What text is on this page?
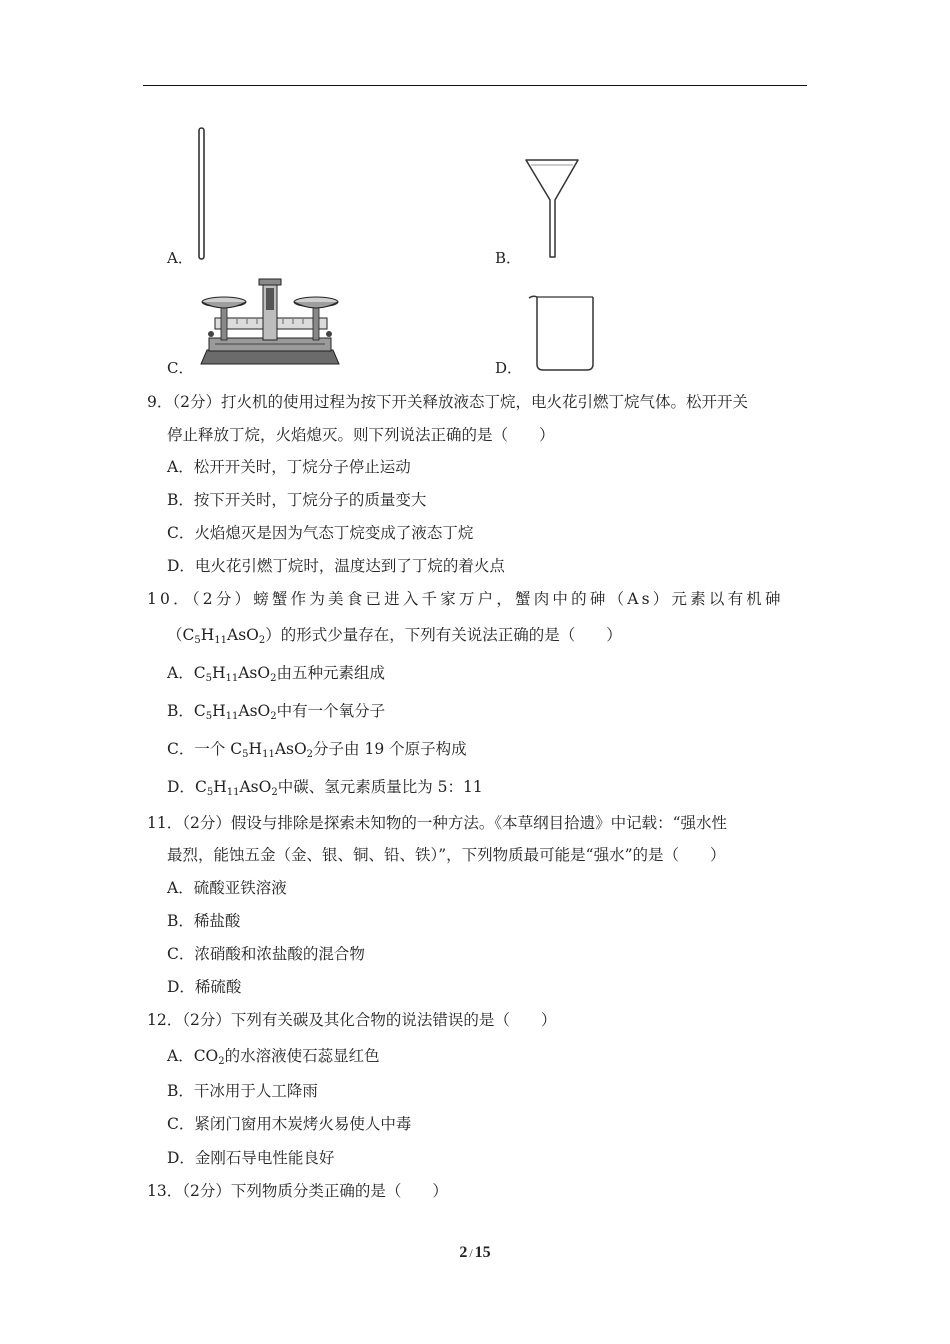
A．	B．
C．	D．
9．（2分）打火机的使用过程为按下开关释放液态丁烷，电火花引燃丁烷气体。松开开关
停止释放丁烷，火焰熄灭。则下列说法正确的是（　　）
A．松开开关时，丁烷分子停止运动
B．按下开关时，丁烷分子的质量变大
C．火焰熄灭是因为气态丁烷变成了液态丁烷
D．电火花引燃丁烷时，温度达到了丁烷的着火点
10．（2分）螃蟹作为美食已进入千家万户，蟹肉中的砷（As）元素以有机砷
$(C_5H_{11}AsO_2)$的形式少量存在，下列有关说法正确的是（　　）
A．$C_5H_{11}AsO_2$由五种元素组成
B．$C_5H_{11}AsO_2$中有一个氧分子
C．一个 $C_5H_{11}AsO_2$分子由 19 个原子构成
D．$C_5H_{11}AsO_2$中碳、氢元素质量比为 5：11
11．（2分）假设与排除是探索未知物的一种方法。《本草纲目拾遗》中记载：“强水性
最烈，能蚀五金（金、银、铜、铅、铁）”，下列物质最可能是“强水”的是（　　）
A．硫酸亚铁溶液
B．稀盐酸
C．浓硝酸和浓盐酸的混合物
D．稀硫酸
12．（2分）下列有关碳及其化合物的说法错误的是（　　）
A．$CO_2$的水溶液使石蕊显红色
B．干冰用于人工降雨
C．紧闭门窗用木炭烤火易使人中毒
D．金刚石导电性能良好
13．（2分）下列物质分类正确的是（　　）
2 / 15
